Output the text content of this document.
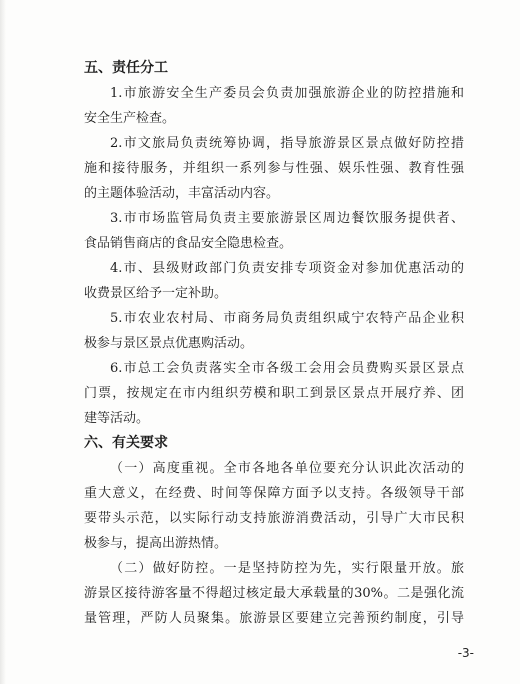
五、责任分工
1.市旅游安全生产委员会负责加强旅游企业的防控措施和
安全生产检查。
2.市文旅局负责统筹协调，指导旅游景区景点做好防控措
施和接待服务，并组织一系列参与性强、娱乐性强、教育性强
的主题体验活动，丰富活动内容。
3.市市场监管局负责主要旅游景区周边餐饮服务提供者、
食品销售商店的食品安全隐患检查。
4.市、县级财政部门负责安排专项资金对参加优惠活动的
收费景区给予一定补助。
5.市农业农村局、市商务局负责组织咸宁农特产品企业积
极参与景区景点优惠购活动。
6.市总工会负责落实全市各级工会用会员费购买景区景点
门票，按规定在市内组织劳模和职工到景区景点开展疗养、团
建等活动。
六、有关要求
（一）高度重视。全市各地各单位要充分认识此次活动的
重大意义，在经费、时间等保障方面予以支持。各级领导干部
要带头示范，以实际行动支持旅游消费活动，引导广大市民积
极参与，提高出游热情。
（二）做好防控。一是坚持防控为先，实行限量开放。旅
游景区接待游客量不得超过核定最大承载量的30%。二是强化流
量管理，严防人员聚集。旅游景区要建立完善预约制度，引导
-3-
